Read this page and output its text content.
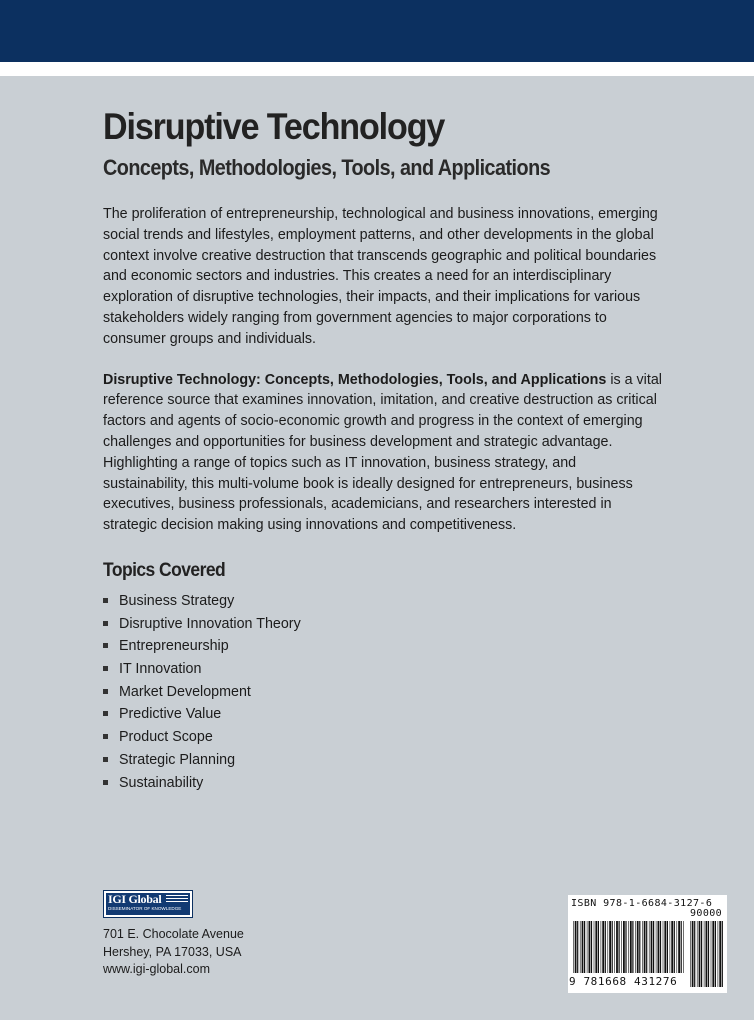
Disruptive Technology
Concepts, Methodologies, Tools, and Applications

The proliferation of entrepreneurship, technological and business innovations, emerging social trends and lifestyles, employment patterns, and other developments in the global context involve creative destruction that transcends geographic and political boundaries and economic sectors and industries. This creates a need for an interdisciplinary exploration of disruptive technologies, their impacts, and their implications for various stakeholders widely ranging from government agencies to major corporations to consumer groups and individuals.

Disruptive Technology: Concepts, Methodologies, Tools, and Applications is a vital reference source that examines innovation, imitation, and creative destruction as critical factors and agents of socio-economic growth and progress in the context of emerging challenges and opportunities for business development and strategic advantage. Highlighting a range of topics such as IT innovation, business strategy, and sustainability, this multi-volume book is ideally designed for entrepreneurs, business executives, business professionals, academicians, and researchers interested in strategic decision making using innovations and competitiveness.

Topics Covered
Business Strategy
Disruptive Innovation Theory
Entrepreneurship
IT Innovation
Market Development
Predictive Value
Product Scope
Strategic Planning
Sustainability
IGI Global
DISSEMINATOR OF KNOWLEDGE
701 E. Chocolate Avenue
Hershey, PA 17033, USA
www.igi-global.com
ISBN 978-1-6684-3127-6
90000
9 781668 431276
